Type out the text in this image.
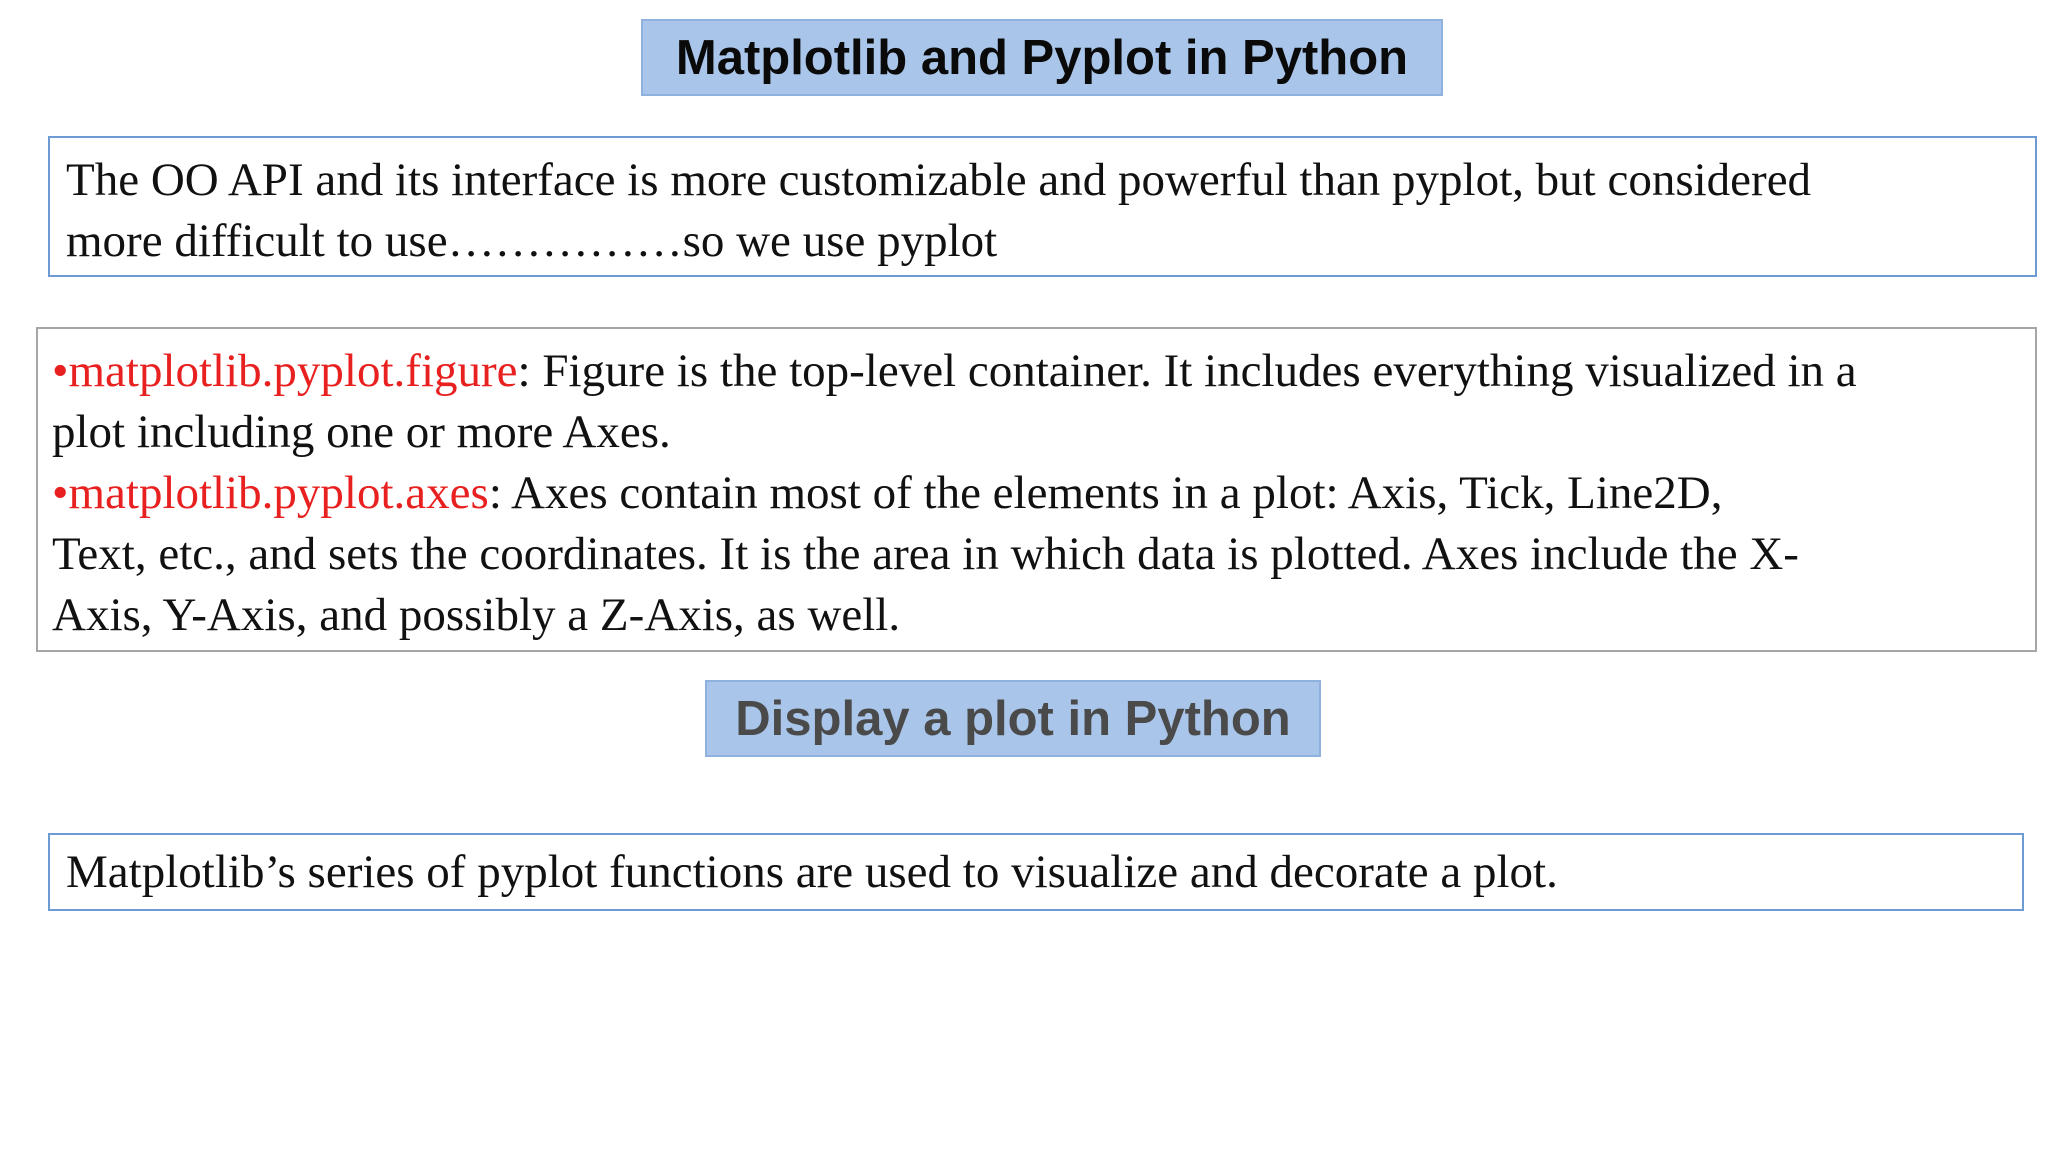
Matplotlib and Pyplot in Python
The OO API and its interface is more customizable and powerful than pyplot, but considered
more difficult to use……………so we use pyplot
•matplotlib.pyplot.figure: Figure is the top-level container. It includes everything visualized in a
plot including one or more Axes.
•matplotlib.pyplot.axes: Axes contain most of the elements in a plot: Axis, Tick, Line2D,
Text, etc., and sets the coordinates. It is the area in which data is plotted. Axes include the X-
Axis, Y-Axis, and possibly a Z-Axis, as well.
Display a plot in Python
Matplotlib’s series of pyplot functions are used to visualize and decorate a plot.
